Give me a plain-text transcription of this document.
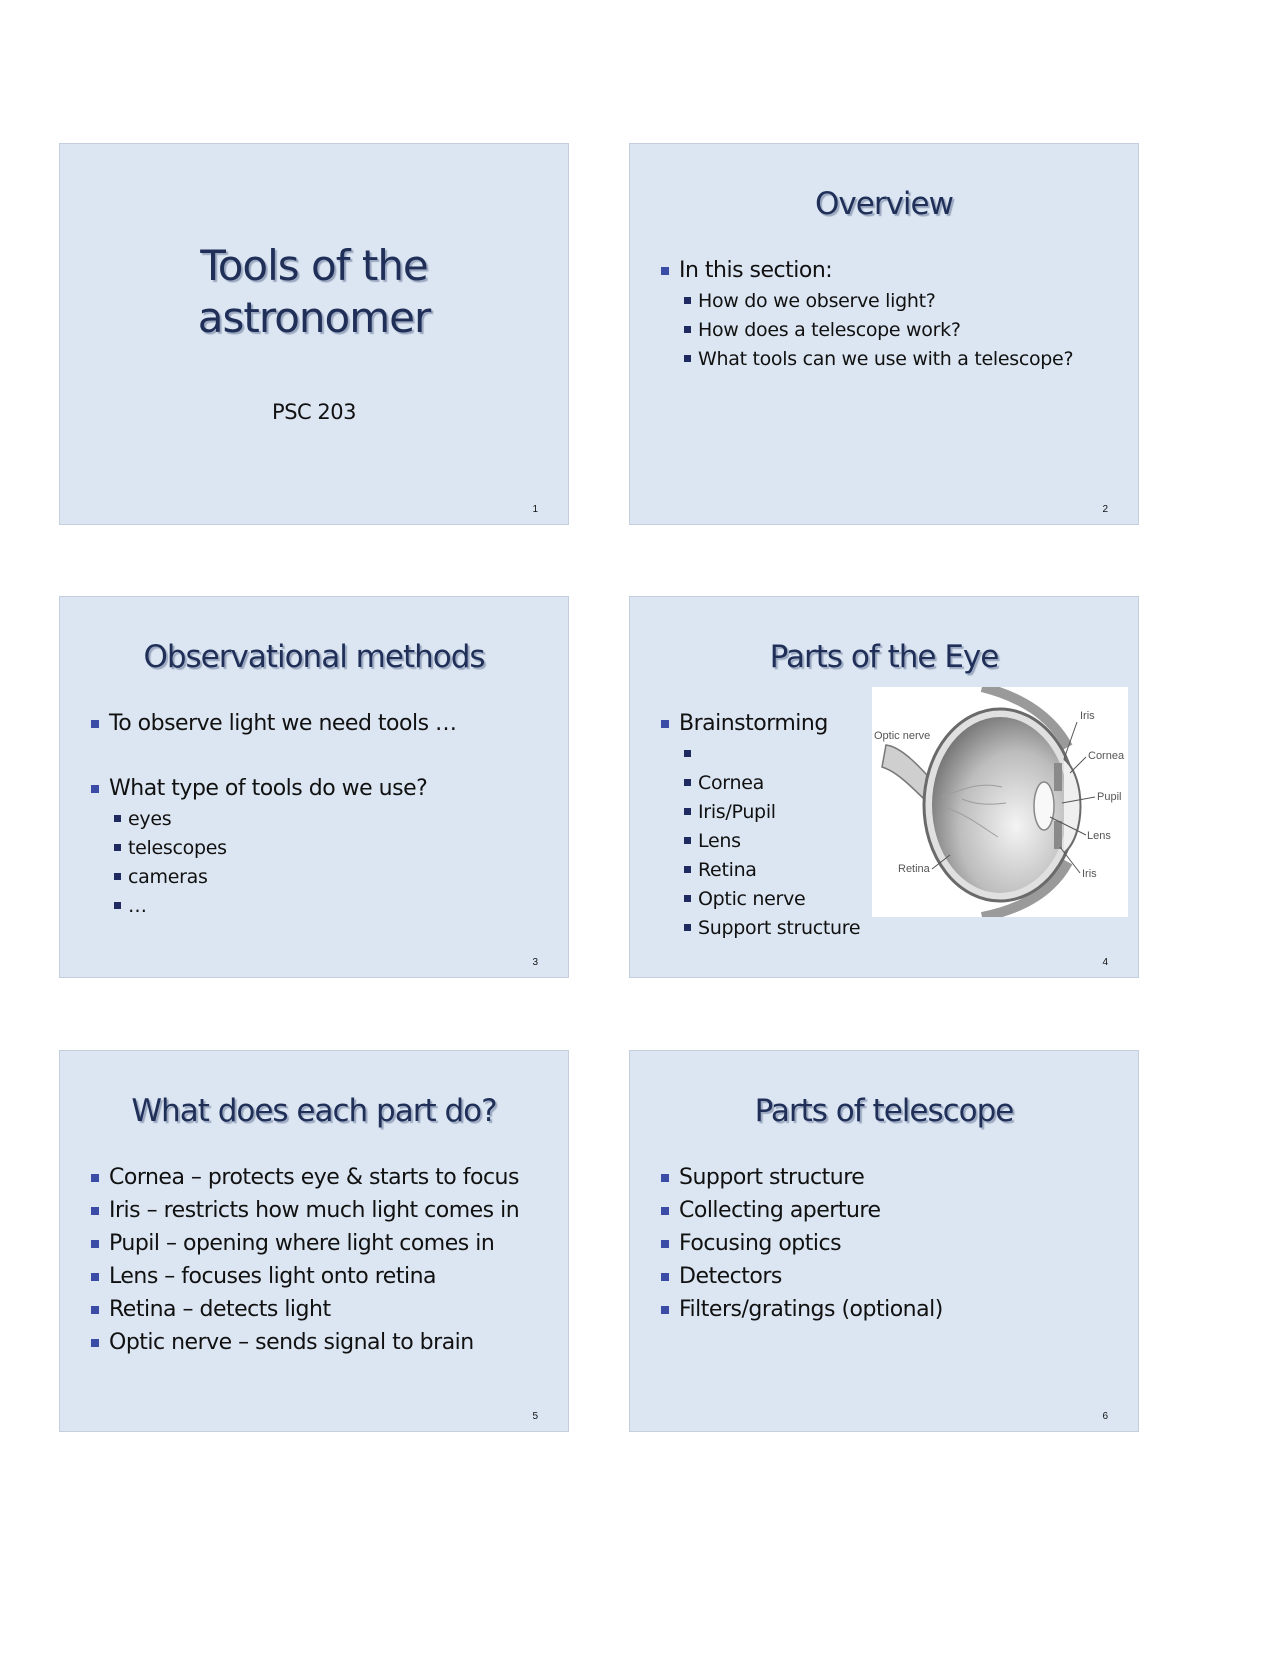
Tools of the
astronomer
PSC 203
1
Overview
In this section:
How do we observe light?
How does a telescope work?
What tools can we use with a telescope?
2
Observational methods
To observe light we need tools …
What type of tools do we use?
eyes
telescopes
cameras
…
3
Parts of the Eye
Brainstorming

Cornea
Iris/Pupil
Lens
Retina
Optic nerve
Support structure
Optic nerve
Iris
Cornea
Pupil
Lens
Iris
Retina
4
What does each part do?
Cornea – protects eye & starts to focus
Iris – restricts how much light comes in
Pupil – opening where light comes in
Lens – focuses light onto retina
Retina – detects light
Optic nerve – sends signal to brain
5
Parts of telescope
Support structure
Collecting aperture
Focusing optics
Detectors
Filters/gratings (optional)
6
